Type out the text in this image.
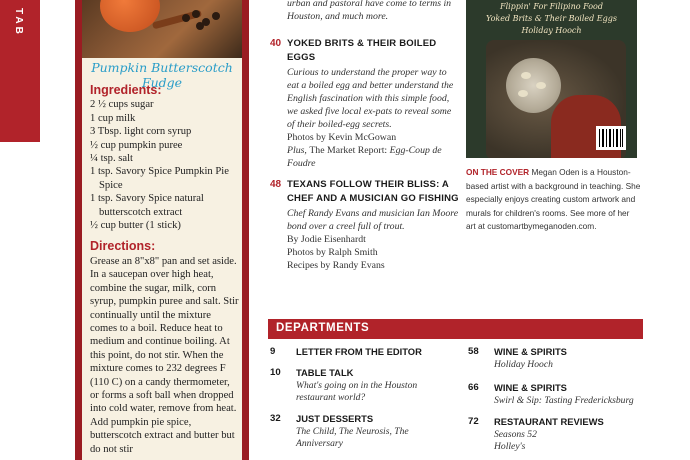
TAB
Pumpkin Butterscotch Fudge
Ingredients:
2 ½ cups sugar
1 cup milk
3 Tbsp. light corn syrup
½ cup pumpkin puree
¼ tsp. salt
1 tsp. Savory Spice Pumpkin Pie Spice
1 tsp. Savory Spice natural butterscotch extract
½ cup butter (1 stick)
Directions:
Grease an 8"x8" pan and set aside. In a saucepan over high heat, combine the sugar, milk, corn syrup, pumpkin puree and salt. Stir continually until the mixture comes to a boil. Reduce heat to medium and continue boiling. At this point, do not stir. When the mixture comes to 232 degrees F (110 C) on a candy thermometer, or forms a soft ball when dropped into cold water, remove from heat. Add pumpkin pie spice, butterscotch extract and butter but do not stir
urban and pastoral have come to terms in Houston, and much more.
40 YOKED BRITS & THEIR BOILED EGGS
Curious to understand the proper way to eat a boiled egg and better understand the English fascination with this simple food, we asked five local ex-pats to reveal some of their boiled-egg secrets.
Photos by Kevin McGowan
Plus, The Market Report: Egg-Coup de Foudre
48 TEXANS FOLLOW THEIR BLISS: A CHEF AND A MUSICIAN GO FISHING
Chef Randy Evans and musician Ian Moore bond over a creel full of trout.
By Jodie Eisenhardt
Photos by Ralph Smith
Recipes by Randy Evans
Flippin' For Filipino Food
Yoked Brits & Their Boiled Eggs
Holiday Hooch
ON THE COVER Megan Oden is a Houston-based artist with a background in teaching. She especially enjoys creating custom artwork and murals for children's rooms. See more of her art at customartbymeganoden.com.
DEPARTMENTS
9	LETTER FROM THE EDITOR
10	TABLE TALK
What's going on in the Houston restaurant world?
32	JUST DESSERTS
The Child, The Neurosis, The Anniversary
58	WINE & SPIRITS
Holiday Hooch
66	WINE & SPIRITS
Swirl & Sip: Tasting Fredericksburg
72	RESTAURANT REVIEWS
Seasons 52
Holley's
